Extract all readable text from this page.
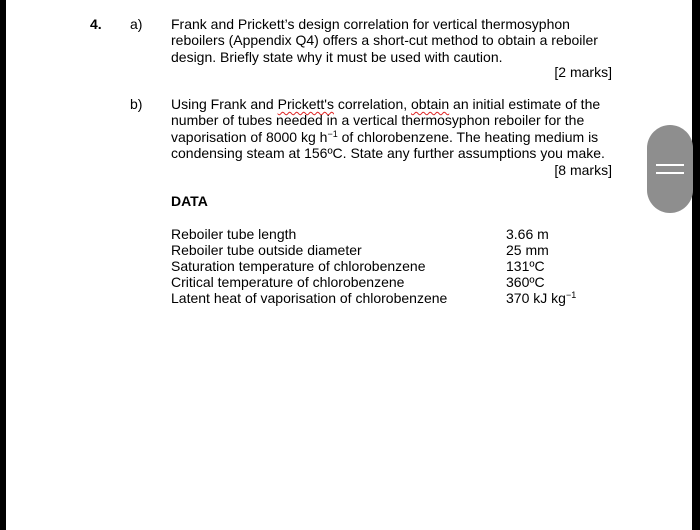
4. a) Frank and Prickett’s design correlation for vertical thermosyphon
reboilers (Appendix Q4) offers a short-cut method to obtain a reboiler
design. Briefly state why it must be used with caution.
[2 marks]
b) Using Frank and Prickett's correlation, obtain an initial estimate of the
number of tubes needed in a vertical thermosyphon reboiler for the
vaporisation of 8000 kg $h^{-1}$ of chlorobenzene. The heating medium is
condensing steam at 156ºC. State any further assumptions you make.
[8 marks]
DATA
Reboiler tube length	3.66 m
Reboiler tube outside diameter	25 mm
Saturation temperature of chlorobenzene	131ºC
Critical temperature of chlorobenzene	360ºC
Latent heat of vaporisation of chlorobenzene	370 kJ $kg^{-1}$
